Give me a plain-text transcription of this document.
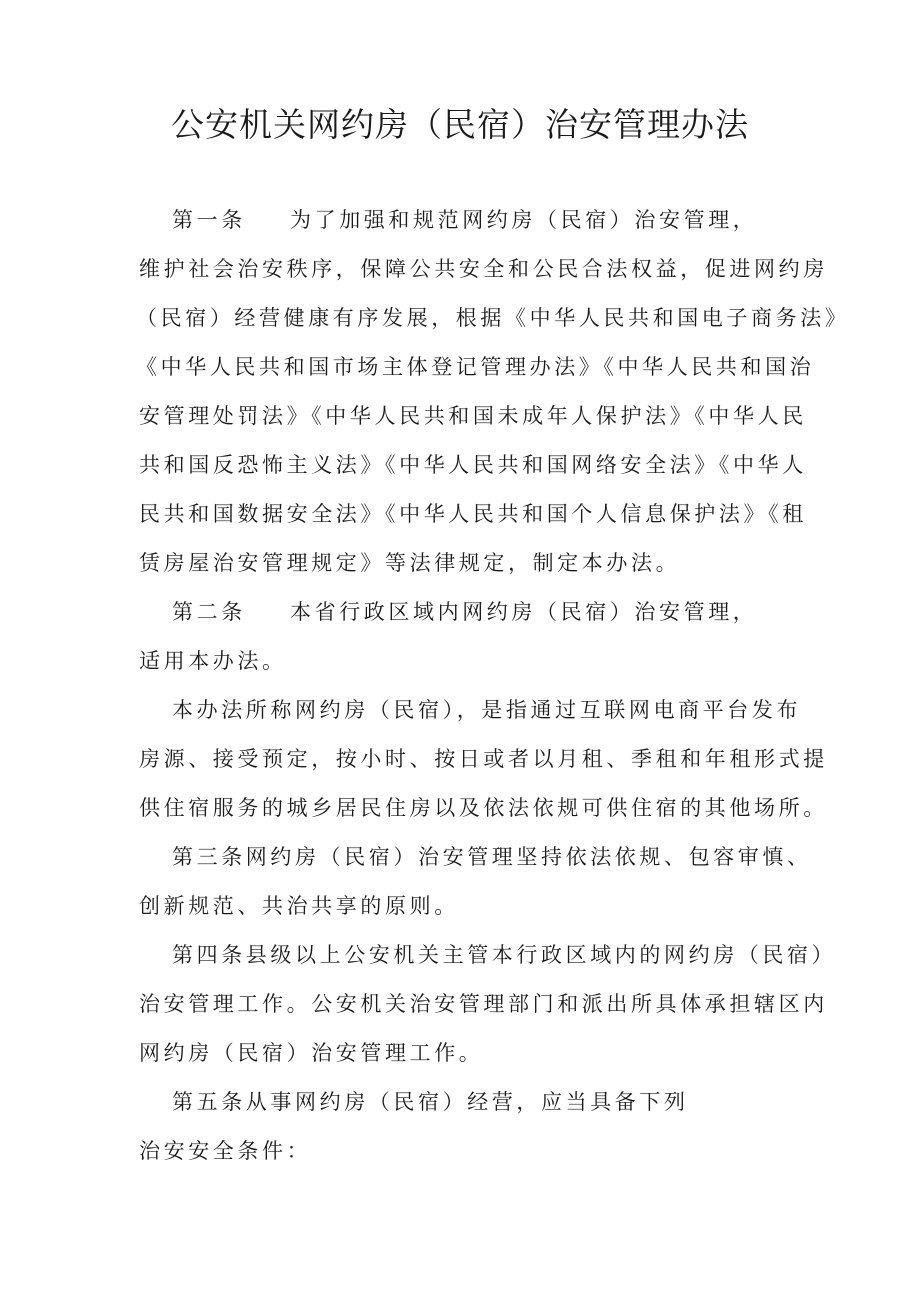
公安机关网约房（民宿）治安管理办法
第一条 为了加强和规范网约房（民宿）治安管理，
维护社会治安秩序，保障公共安全和公民合法权益，促进网约房
（民宿）经营健康有序发展，根据《中华人民共和国电子商务法》
《中华人民共和国市场主体登记管理办法》《中华人民共和国治
安管理处罚法》《中华人民共和国未成年人保护法》《中华人民
共和国反恐怖主义法》《中华人民共和国网络安全法》《中华人
民共和国数据安全法》《中华人民共和国个人信息保护法》《租
赁房屋治安管理规定》等法律规定，制定本办法。
第二条 本省行政区域内网约房（民宿）治安管理，
适用本办法。
本办法所称网约房（民宿），是指通过互联网电商平台发布
房源、接受预定，按小时、按日或者以月租、季租和年租形式提
供住宿服务的城乡居民住房以及依法依规可供住宿的其他场所。
第三条网约房（民宿）治安管理坚持依法依规、包容审慎、
创新规范、共治共享的原则。
第四条县级以上公安机关主管本行政区域内的网约房（民宿）
治安管理工作。公安机关治安管理部门和派出所具体承担辖区内
网约房（民宿）治安管理工作。
第五条从事网约房（民宿）经营，应当具备下列
治安安全条件：
